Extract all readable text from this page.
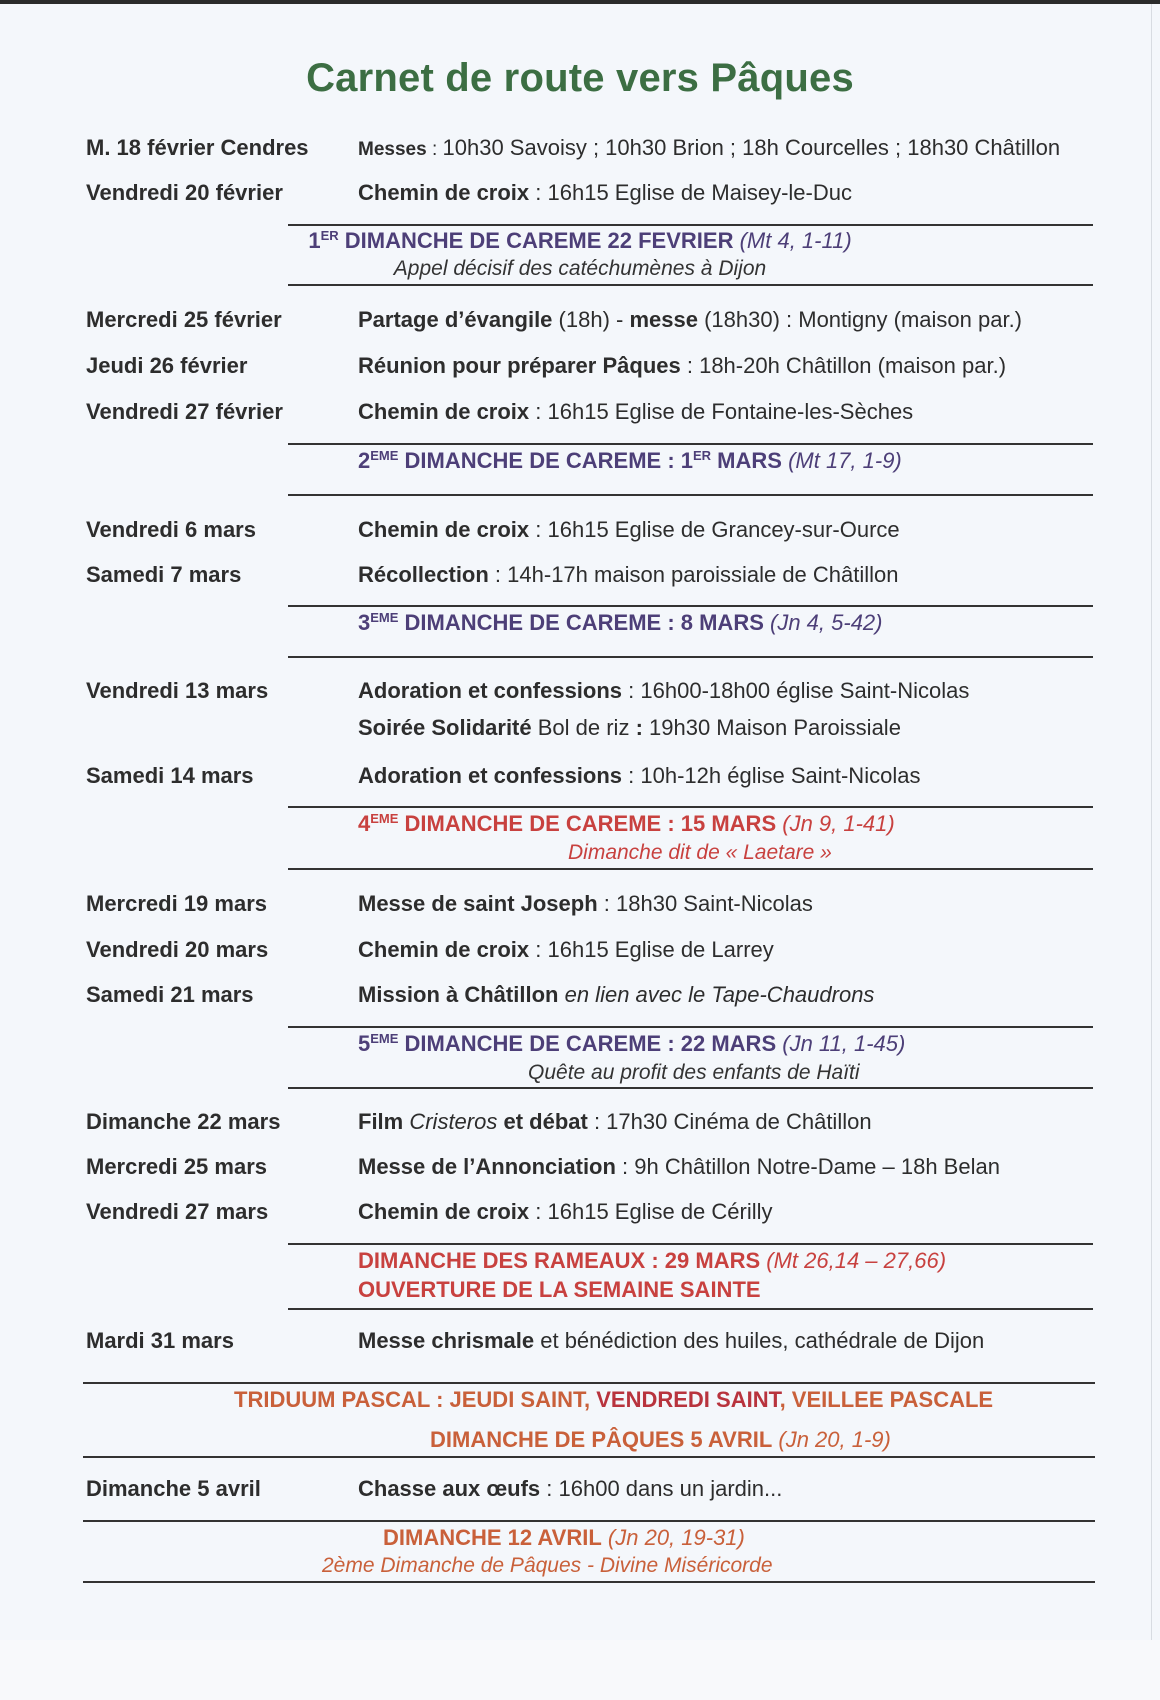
Carnet de route vers Pâques
M. 18 février Cendres	Messes : 10h30 Savoisy ; 10h30 Brion ; 18h Courcelles ; 18h30 Châtillon
Vendredi 20 février	Chemin de croix : 16h15 Eglise de Maisey-le-Duc
1ER DIMANCHE DE CAREME 22 FEVRIER (Mt 4, 1-11)
Appel décisif des catéchumènes à Dijon
Mercredi 25 février	Partage d’évangile (18h) - messe (18h30) : Montigny (maison par.)
Jeudi 26 février	Réunion pour préparer Pâques : 18h-20h Châtillon (maison par.)
Vendredi 27 février	Chemin de croix : 16h15 Eglise de Fontaine-les-Sèches
2EME DIMANCHE DE CAREME : 1ER MARS (Mt 17, 1-9)
Vendredi 6 mars	Chemin de croix : 16h15 Eglise de Grancey-sur-Ource
Samedi 7 mars	Récollection : 14h-17h maison paroissiale de Châtillon
3EME DIMANCHE DE CAREME : 8 MARS (Jn 4, 5-42)
Vendredi 13 mars	Adoration et confessions : 16h00-18h00 église Saint-Nicolas
Soirée Solidarité Bol de riz : 19h30 Maison Paroissiale
Samedi 14 mars	Adoration et confessions : 10h-12h église Saint-Nicolas
4EME DIMANCHE DE CAREME : 15 MARS (Jn 9, 1-41)
Dimanche dit de « Laetare »
Mercredi 19 mars	Messe de saint Joseph : 18h30 Saint-Nicolas
Vendredi 20 mars	Chemin de croix : 16h15 Eglise de Larrey
Samedi 21 mars	Mission à Châtillon en lien avec le Tape-Chaudrons
5EME DIMANCHE DE CAREME : 22 MARS (Jn 11, 1-45)
Quête au profit des enfants de Haïti
Dimanche 22 mars	Film Cristeros et débat : 17h30 Cinéma de Châtillon
Mercredi 25 mars	Messe de l’Annonciation : 9h Châtillon Notre-Dame – 18h Belan
Vendredi 27 mars	Chemin de croix : 16h15 Eglise de Cérilly
DIMANCHE DES RAMEAUX : 29 MARS (Mt 26,14 – 27,66)
OUVERTURE DE LA SEMAINE SAINTE
Mardi 31 mars	Messe chrismale et bénédiction des huiles, cathédrale de Dijon
TRIDUUM PASCAL : JEUDI SAINT, VENDREDI SAINT, VEILLEE PASCALE
DIMANCHE DE PÂQUES 5 AVRIL (Jn 20, 1-9)
Dimanche 5 avril	Chasse aux œufs : 16h00 dans un jardin...
DIMANCHE 12 AVRIL (Jn 20, 19-31)
2ème Dimanche de Pâques - Divine Miséricorde
